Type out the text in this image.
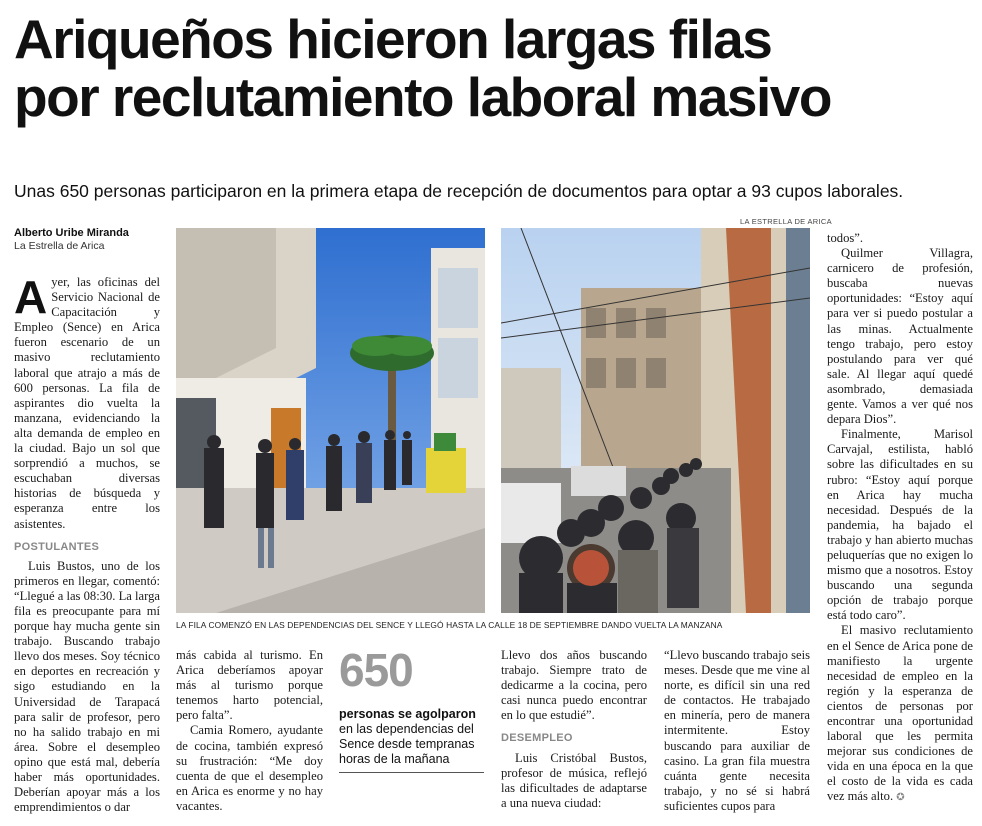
Ariqueños hicieron largas filas
por reclutamiento laboral masivo
Unas 650 personas participaron en la primera etapa de recepción de documentos para optar a 93 cupos laborales.
Alberto Uribe Miranda
La Estrella de Arica
LA ESTRELLA DE ARICA

Ayer, las oficinas del Servicio Nacional de Capacitación y Empleo (Sence) en Arica fueron escenario de un masivo reclutamiento laboral que atrajo a más de 600 personas. La fila de aspirantes dio vuelta la manzana, evidenciando la alta demanda de empleo en la ciudad. Bajo un sol que sorprendió a muchos, se escuchaban diversas historias de búsqueda y esperanza entre los asistentes.

POSTULANTES

Luis Bustos, uno de los primeros en llegar, comentó: “Llegué a las 08:30. La larga fila es preocupante para mí porque hay mucha gente sin trabajo. Buscando trabajo llevo dos meses. Soy técnico en deportes en recreación y sigo estudiando en la Universidad de Tarapacá para salir de profesor, pero no ha salido trabajo en mi área. Sobre el desempleo opino que está mal, debería haber más oportunidades. Deberían apoyar más a los emprendimientos o dar

LA FILA COMENZÓ EN LAS DEPENDENCIAS DEL SENCE Y LLEGÓ HASTA LA CALLE 18 DE SEPTIEMBRE DANDO VUELTA LA MANZANA

más cabida al turismo. En Arica deberíamos apoyar más al turismo porque tenemos harto potencial, pero falta”.

Camia Romero, ayudante de cocina, también expresó su frustración: “Me doy cuenta de que el desempleo en Arica es enorme y no hay vacantes.

650
personas se agolparon
en las dependencias del Sence desde tempranas horas de la mañana

Llevo dos años buscando trabajo. Siempre trato de dedicarme a la cocina, pero casi nunca puedo encontrar en lo que estudié”.

DESEMPLEO

Luis Cristóbal Bustos, profesor de música, reflejó las dificultades de adaptarse a una nueva ciudad:

“Llevo buscando trabajo seis meses. Desde que me vine al norte, es difícil sin una red de contactos. He trabajado en minería, pero de manera intermitente. Estoy buscando para auxiliar de casino. La gran fila muestra cuánta gente necesita trabajo, y no sé si habrá suficientes cupos para

todos”.

Quilmer Villagra, carnicero de profesión, buscaba nuevas oportunidades: “Estoy aquí para ver si puedo postular a las minas. Actualmente tengo trabajo, pero estoy postulando para ver qué sale. Al llegar aquí quedé asombrado, demasiada gente. Vamos a ver qué nos depara Dios”.

Finalmente, Marisol Carvajal, estilista, habló sobre las dificultades en su rubro: “Estoy aquí porque en Arica hay mucha necesidad. Después de la pandemia, ha bajado el trabajo y han abierto muchas peluquerías que no exigen lo mismo que a nosotros. Estoy buscando una segunda opción de trabajo porque está todo caro”.

El masivo reclutamiento en el Sence de Arica pone de manifiesto la urgente necesidad de empleo en la región y la esperanza de cientos de personas por encontrar una oportunidad laboral que les permita mejorar sus condiciones de vida en una época en la que el costo de la vida es cada vez más alto. ✪
